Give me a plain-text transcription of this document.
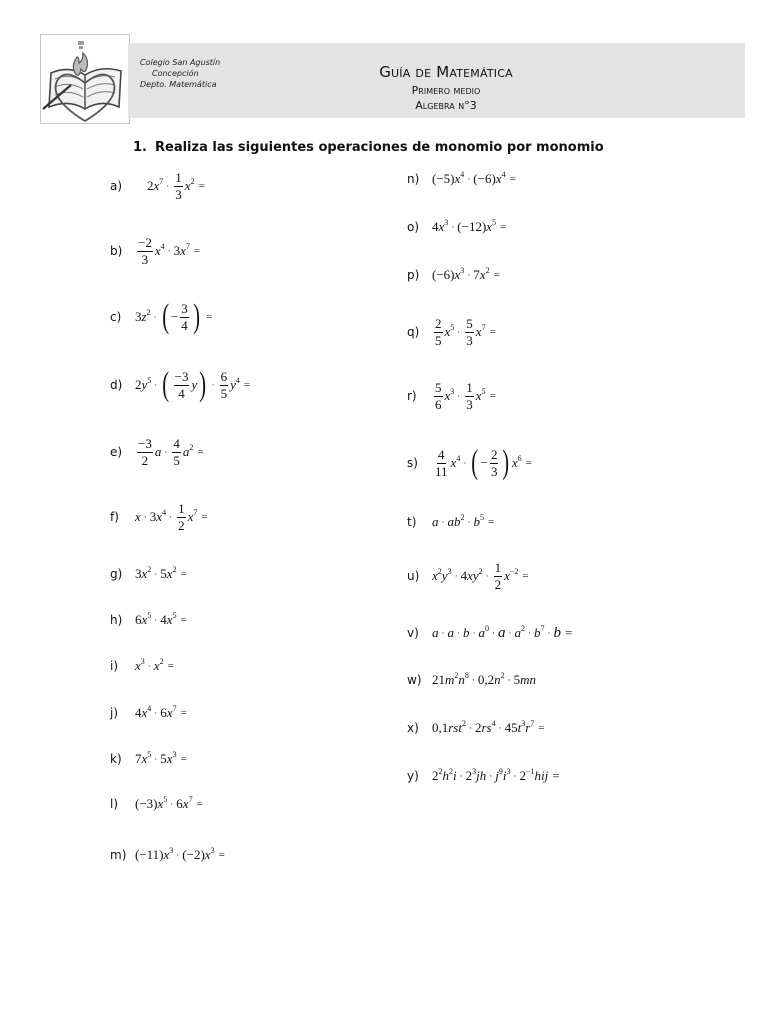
Colegio San Agustín
Concepción
Depto. Matemática
Guía de Matemática
Primero medio
Algebra n°3
1. Realiza las siguientes operaciones de monomio por monomio
a)	2 $x^7$ ·
1
3
$x^2$ =
b)
−2
3
$x^4 \cdot 3$ $x^7$ =
c)	3 $z^2$ · ( −
3
4 ) =
d) 2 $y^5$ · ( −3
4
y ) ·
6
5
$y^4$ =
e)
−3
2
a ·
4
5
$a^2$ =
f)	x · 3 $x^4$ ·
1
2
$x^7$ =
g) 3 $x^2 \cdot 5$ $x^2$ =
h) 6 $x^5 \cdot 4$ $x^5$ =
i)	$x^3 \cdot x^2$ =
j)	4 $x^4 \cdot 6$ $x^7$ =
k)	7 $x^5 \cdot 5$ $x^3$ =
l)	(−3) $x^5 \cdot 6$ $x^7$ =
m) (−11) $x^3 \cdot (-2) x^3$ =
n) (−5) $x^4 \cdot (-6) x^4$ =
o) 4 $x^3 \cdot (-12) x^5$ =
p) (−6) $x^3 \cdot 7$ $x^2$ =
q)
2
5
$x^5$ ·
5
3
$x^7$ =
r)
5
6
$x^3$ ·
1
3
$x^5$ =
s)
4
11
$x^4$ · ( −
2
3 ) $x^6$ =
t)	$a \cdot ab^2 \cdot b^5$ =
u) $x^2$ $y^3 \cdot 4$ $xy^2$ ·
1
2
$x^{-2}$ =
v)	$a \cdot a \cdot b \cdot a^0 \cdot a \cdot a^2 \cdot b^7 \cdot b$ =
w) 21 $m^2$ $n^8 \cdot 0,2$ $n^2 \cdot 5$ mn
x)	0,1 rst$^2$ · 2 $rs^4 \cdot 45$ $t^3$ $r^7$ =
y)	$2^2$ $h^2$ $i \cdot 2^3$ jh · $j^9$ $i^3 \cdot 2^{-1}$ hij =
